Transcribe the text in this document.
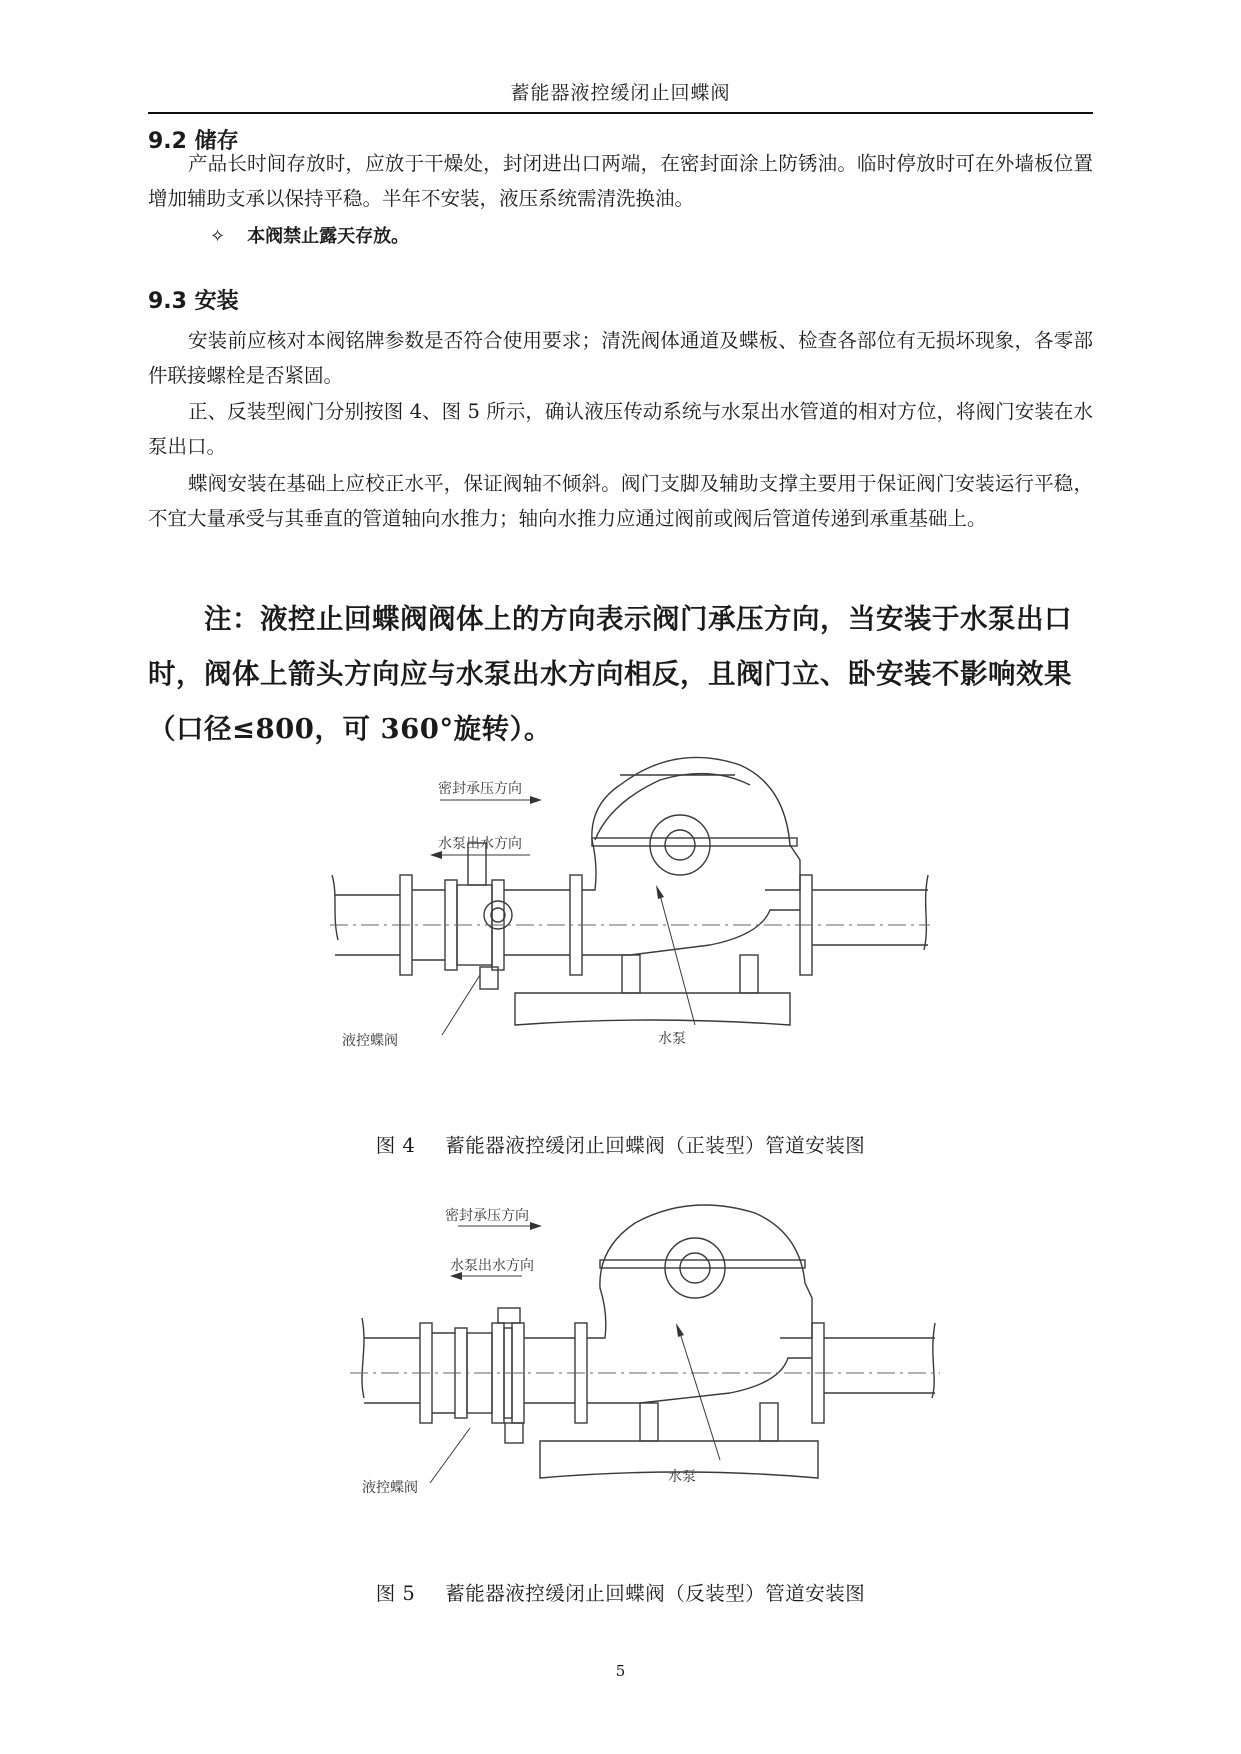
蓄能器液控缓闭止回蝶阀
9.2 储存

产品长时间存放时，应放于干燥处，封闭进出口两端，在密封面涂上防锈油。临时停放时可在外墙板位置增加辅助支承以保持平稳。半年不安装，液压系统需清洗换油。

✧ 本阀禁止露天存放。
9.3 安装

安装前应核对本阀铭牌参数是否符合使用要求；清洗阀体通道及蝶板、检查各部位有无损坏现象，各零部件联接螺栓是否紧固。

正、反装型阀门分别按图 4、图 5 所示，确认液压传动系统与水泵出水管道的相对方位，将阀门安装在水泵出口。

蝶阀安装在基础上应校正水平，保证阀轴不倾斜。阀门支脚及辅助支撑主要用于保证阀门安装运行平稳，不宜大量承受与其垂直的管道轴向水推力；轴向水推力应通过阀前或阀后管道传递到承重基础上。

注：液控止回蝶阀阀体上的方向表示阀门承压方向，当安装于水泵出口时，阀体上箭头方向应与水泵出水方向相反，且阀门立、卧安装不影响效果（口径≤800，可 360°旋转）。

密封承压方向
水泵出水方向
水泵
液控蝶阀
图 4 蓄能器液控缓闭止回蝶阀（正装型）管道安装图
密封承压方向
水泵出水方向
水泵
液控蝶阀
图 5 蓄能器液控缓闭止回蝶阀（反装型）管道安装图
5
